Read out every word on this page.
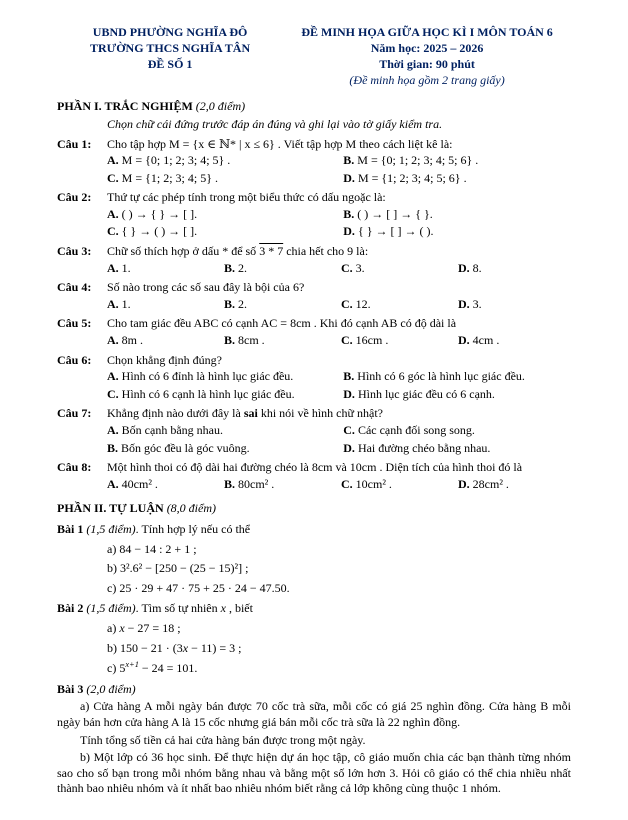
UBND PHƯỜNG NGHĨA ĐÔ
TRƯỜNG THCS NGHĨA TÂN
ĐỀ SỐ 1
ĐỀ MINH HỌA GIỮA HỌC KÌ I MÔN TOÁN 6
Năm học: 2025 – 2026
Thời gian: 90 phút
(Đề minh họa gồm 2 trang giấy)
PHẦN I. TRẮC NGHIỆM (2,0 điểm)
Chọn chữ cái đứng trước đáp án đúng và ghi lại vào tờ giấy kiểm tra.
Câu 1:	Cho tập hợp M = {x ∈ ℕ* | x ≤ 6} . Viết tập hợp M theo cách liệt kê là:
A. M = {0; 1; 2; 3; 4; 5} .	B. M = {0; 1; 2; 3; 4; 5; 6} .
C. M = {1; 2; 3; 4; 5} .	D. M = {1; 2; 3; 4; 5; 6} .
Câu 2:	Thứ tự các phép tính trong một biểu thức có dấu ngoặc là:
A. ( ) → { } → [ ].	B. ( ) → [ ] → { }.
C. { } → ( ) → [ ].	D. { } → [ ] → ( ).
Câu 3:	Chữ số thích hợp ở dấu * để số 3 * 7 chia hết cho 9 là:
A. 1.	B. 2.	C. 3.	D. 8.
Câu 4:	Số nào trong các số sau đây là bội của 6?
A. 1.	B. 2.	C. 12.	D. 3.
Câu 5:	Cho tam giác đều ABC có cạnh AC = 8cm . Khi đó cạnh AB có độ dài là
A. 8m .	B. 8cm .	C. 16cm .	D. 4cm .
Câu 6:	Chọn khẳng định đúng?
A. Hình có 6 đỉnh là hình lục giác đều.	B. Hình có 6 góc là hình lục giác đều.
C. Hình có 6 cạnh là hình lục giác đều.	D. Hình lục giác đều có 6 cạnh.
Câu 7:	Khẳng định nào dưới đây là sai khi nói về hình chữ nhật?
A. Bốn cạnh bằng nhau.	C. Các cạnh đối song song.
B. Bốn góc đều là góc vuông.	D. Hai đường chéo bằng nhau.
Câu 8:	Một hình thoi có độ dài hai đường chéo là 8cm và 10cm . Diện tích của hình thoi đó là
A. 40cm² .	B. 80cm² .	C. 10cm² .	D. 28cm² .
PHẦN II. TỰ LUẬN (8,0 điểm)
Bài 1 (1,5 điểm). Tính hợp lý nếu có thể
a) 84 − 14 : 2 + 1 ;
b) 3².6² − [250 − (25 − 15)²] ;
c) 25 · 29 + 47 · 75 + 25 · 24 − 47.50.
Bài 2 (1,5 điểm). Tìm số tự nhiên x , biết
a) x − 27 = 18 ;
b) 150 − 21 · (3x − 11) = 3 ;
c) $5^{x+1} - 24 = 101$.
Bài 3 (2,0 điểm)
a) Cửa hàng A mỗi ngày bán được 70 cốc trà sữa, mỗi cốc có giá 25 nghìn đồng. Cửa hàng B mỗi ngày bán hơn cửa hàng A là 15 cốc nhưng giá bán mỗi cốc trà sữa là 22 nghìn đồng.
Tính tổng số tiền cả hai cửa hàng bán được trong một ngày.
b) Một lớp có 36 học sinh. Để thực hiện dự án học tập, cô giáo muốn chia các bạn thành từng nhóm sao cho số bạn trong mỗi nhóm bằng nhau và bằng một số lớn hơn 3. Hỏi cô giáo có thể chia nhiều nhất thành bao nhiêu nhóm và ít nhất bao nhiêu nhóm biết rằng cả lớp không cùng thuộc 1 nhóm.
